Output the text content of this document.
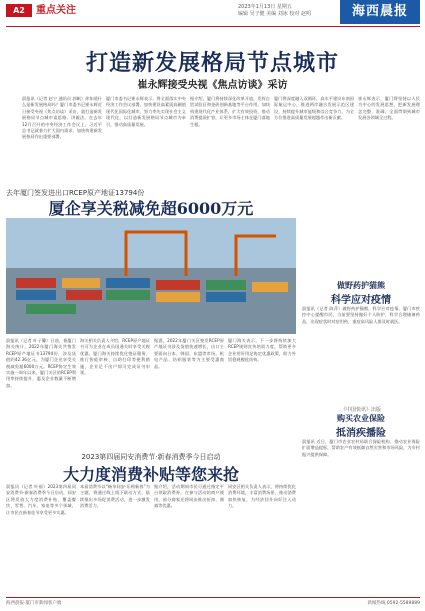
A2	重点关注	2023年1月13日 星期五
编辑 吴子健 美编 刘冰 校对 赵明	海西晨报
打造新发展格局节点城市
崔永辉接受央视《焦点访谈》采访
晨报讯（记者 赵宁 通讯员 郭帆）你知道什么是新发展格局吗？厦门市委书记崔永辉近日接受央视《焦点访谈》采访，就打造新发展格局节点城市谈思路、讲做法。在去年12月召开的中央经济工作会议上，习近平总书记就着力扩大国内需求、加快构建新发展格局作出重要部署。
厦门市委书记崔永辉表示，将全面落实中央经济工作会议部署，加快建设高素质高颜值现代化国际化城市，努力率先实现社会主义现代化，以打造新发展格局节点城市为牵引，推动高质量发展。
据介绍，厦门将持续深化改革开放，发挥自贸试验区和金砖创新基地等平台作用，加快构建现代化产业体系，扩大有效投资，推动消费提质扩容，让更多市场主体在厦门落地生根。
厦门将深度融入双循环，高水平建设东南国际航运中心，推进两岸融合发展示范区建设，持续提升城市能级和综合竞争力，为全方位推进高质量发展超越作出新贡献。
崔永辉表示，厦门将坚持以人民为中心的发展思想，把新发展理念完整、准确、全面贯彻到城市发展各领域全过程。
去年厦门签发进出口RCEP原产地证13794份
厦企享关税减免超6000万元
晨报讯（记者 叶子馨）日前，据厦门海关统计，2022年厦门海关共签发RCEP原产地证书13794份，涉及货值约42.36亿元，为厦门企业享受关税减免超6000万元。RCEP协定生效实施一周年以来，厦门关区的RCEP利用率持续提升，惠及企业数量不断增加。
海关相关负责人介绍，RCEP原产地证书可为企业在成员国通关时享受关税优惠，厦门海关持续优化签证服务，推行智能审核、自助打印等便利措施，企业足不出户即可完成证书申领。
据悉，2022年厦门关区签发RCEP原产地证书涉及货值快速增长，出口主要面向日本、韩国、东盟等市场，机电产品、纺织服装等为主要受惠商品。
厦门海关表示，下一步将持续加大RCEP规则宣传培训力度，帮助更多企业用好用足协定优惠政策，助力外贸稳规模优结构。
做野药护猫熊
科学应对疫情
晨报讯（记者 陈萍）做野药护猫熊，科学应对疫情。厦门市疾控中心提醒市民，当前要坚持做好个人防护，科学合理储备药品，出现症状时对症用药，重症高风险人群及时就医。
《中国快讯》出版
购买农业保险
抵消疾播险
晨报讯 近日，厦门市农业农村局联合保险机构，推动农业保险扩面增品提标，帮助农户有效抵御自然灾害和市场风险，为乡村振兴提供保障。
2023第四届同安消费节·新春消费季今日启动
大力度消费补贴等您来抢
晨报讯（记者 叶丽）2023第四届同安消费节·新春消费季今日启动，同安区将发放大力度消费补贴，覆盖餐饮、零售、汽车、家电等多个领域，让市民在新春佳节享受更多实惠。
本届消费节以“畅享同安·乐购新春”为主题，将通过线上线下联动方式，陆续推出多场促消费活动，进一步激发消费活力。
据介绍，活动期间市民可通过指定平台领取消费券，在参与活动的商户使用，部分商家还将同步推出折扣、满减等优惠。
同安区相关负责人表示，将持续优化消费环境，丰富消费场景，推动消费加快恢复，为经济回升向好注入动力。
海西晨报·厦门市新闻客户端	新闻热线 0592-5589889
